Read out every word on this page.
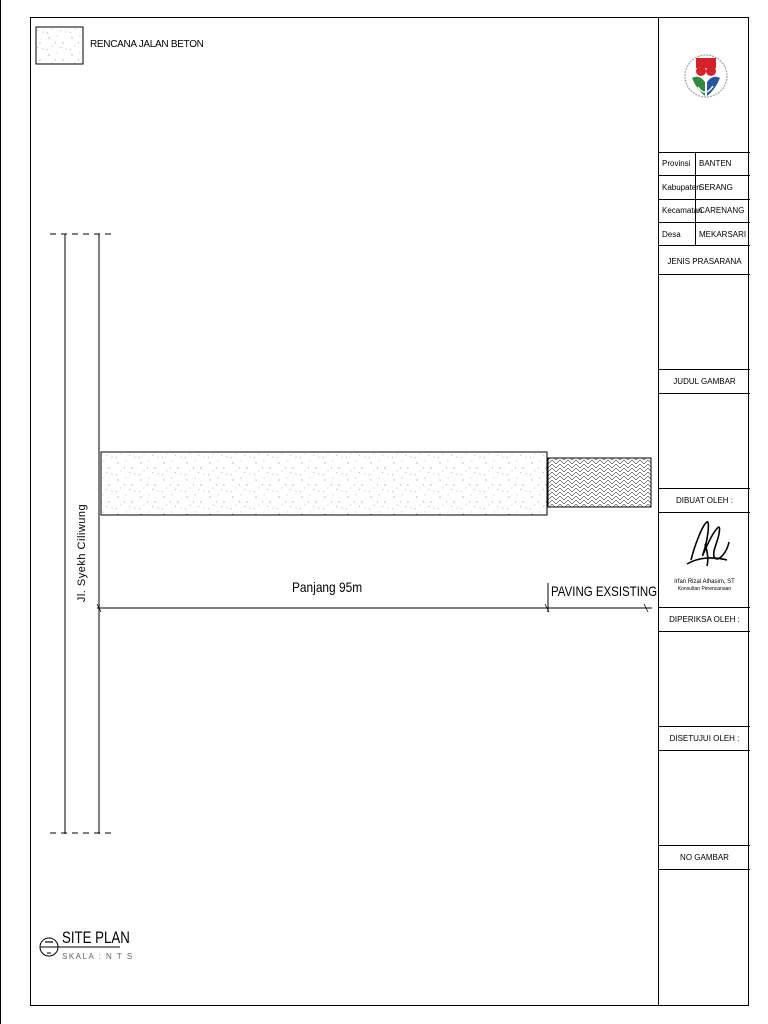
RENCANA JALAN BETON
Jl. Syekh Ciliwung	Panjang 95m	PAVING EXSISTING
SITE PLAN
SKALA : N T S
Provinsi BANTEN
Kabupaten
SERANG
Kecamatan
CARENANG
Desa MEKARSARI
JENIS PRASARANA
JUDUL GAMBAR
DIBUAT OLEH :
Irfan Rizal Alhasim, ST
Konsultan Perencanaan
DIPERIKSA OLEH :
DISETUJUI OLEH :
NO GAMBAR
